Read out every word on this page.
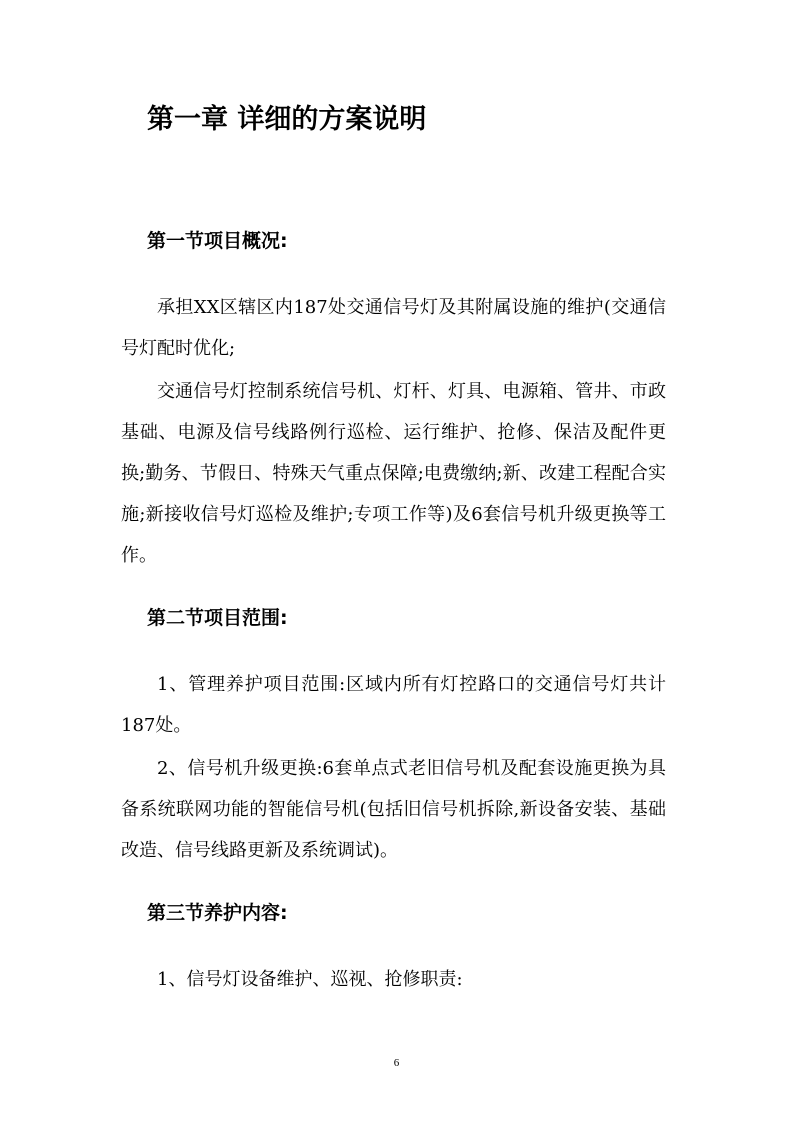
第一章 详细的方案说明
第一节项目概况:

承担XX区辖区内187处交通信号灯及其附属设施的维护(交通信号灯配时优化;

交通信号灯控制系统信号机、灯杆、灯具、电源箱、管井、市政基础、电源及信号线路例行巡检、运行维护、抢修、保洁及配件更换;勤务、节假日、特殊天气重点保障;电费缴纳;新、改建工程配合实施;新接收信号灯巡检及维护;专项工作等)及6套信号机升级更换等工作。

第二节项目范围:

1、管理养护项目范围:区域内所有灯控路口的交通信号灯共计187处。

2、信号机升级更换:6套单点式老旧信号机及配套设施更换为具备系统联网功能的智能信号机(包括旧信号机拆除,新设备安装、基础改造、信号线路更新及系统调试)。

第三节养护内容:

1、信号灯设备维护、巡视、抢修职责:

6
